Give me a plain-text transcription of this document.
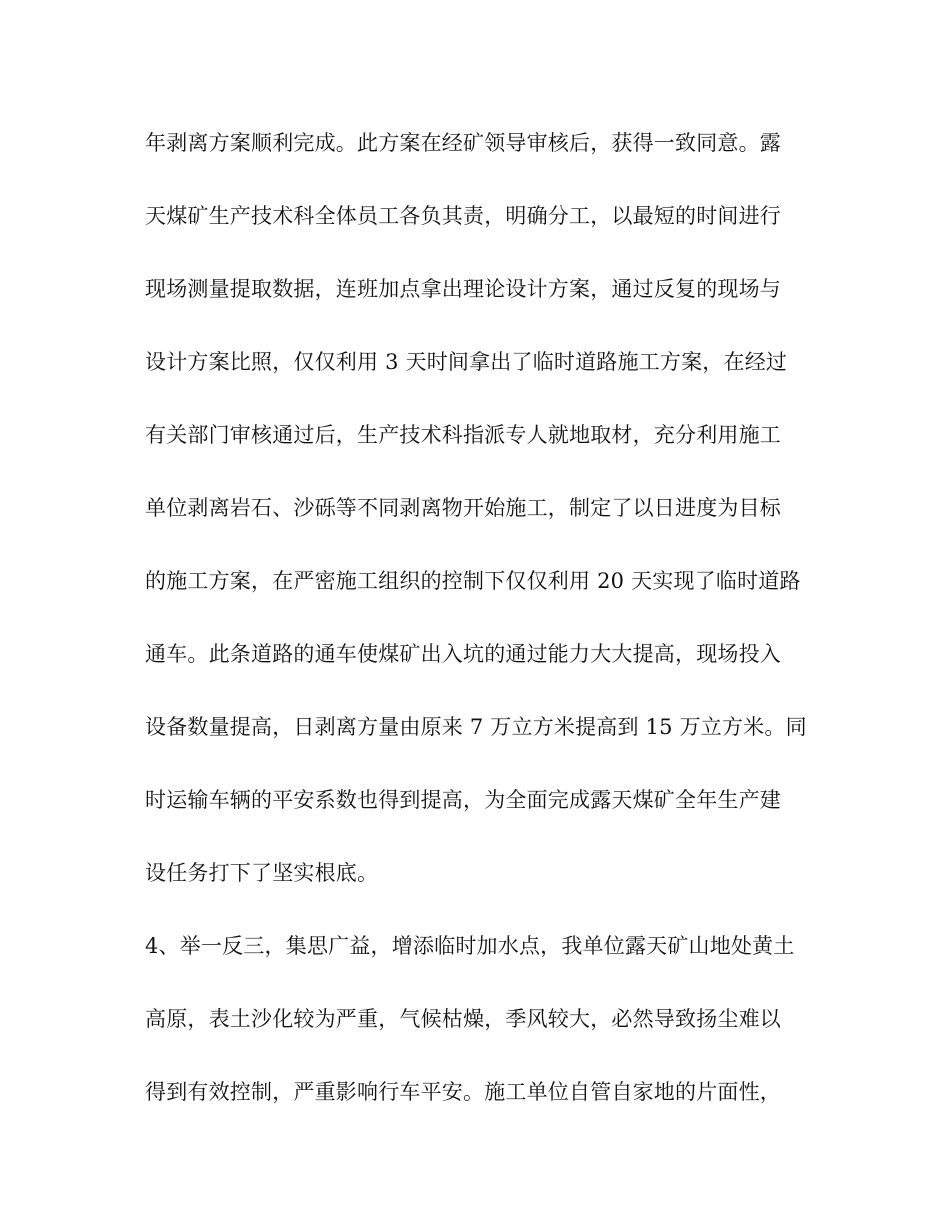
年剥离方案顺利完成。此方案在经矿领导审核后，获得一致同意。露
天煤矿生产技术科全体员工各负其责，明确分工，以最短的时间进行
现场测量提取数据，连班加点拿出理论设计方案，通过反复的现场与
设计方案比照，仅仅利用 3 天时间拿出了临时道路施工方案，在经过
有关部门审核通过后，生产技术科指派专人就地取材，充分利用施工
单位剥离岩石、沙砾等不同剥离物开始施工，制定了以日进度为目标
的施工方案，在严密施工组织的控制下仅仅利用 20 天实现了临时道路
通车。此条道路的通车使煤矿出入坑的通过能力大大提高，现场投入
设备数量提高，日剥离方量由原来 7 万立方米提高到 15 万立方米。同
时运输车辆的平安系数也得到提高，为全面完成露天煤矿全年生产建
设任务打下了坚实根底。
4、举一反三，集思广益，增添临时加水点，我单位露天矿山地处黄土
高原，表土沙化较为严重，气候枯燥，季风较大，必然导致扬尘难以
得到有效控制，严重影响行车平安。施工单位自管自家地的片面性，
